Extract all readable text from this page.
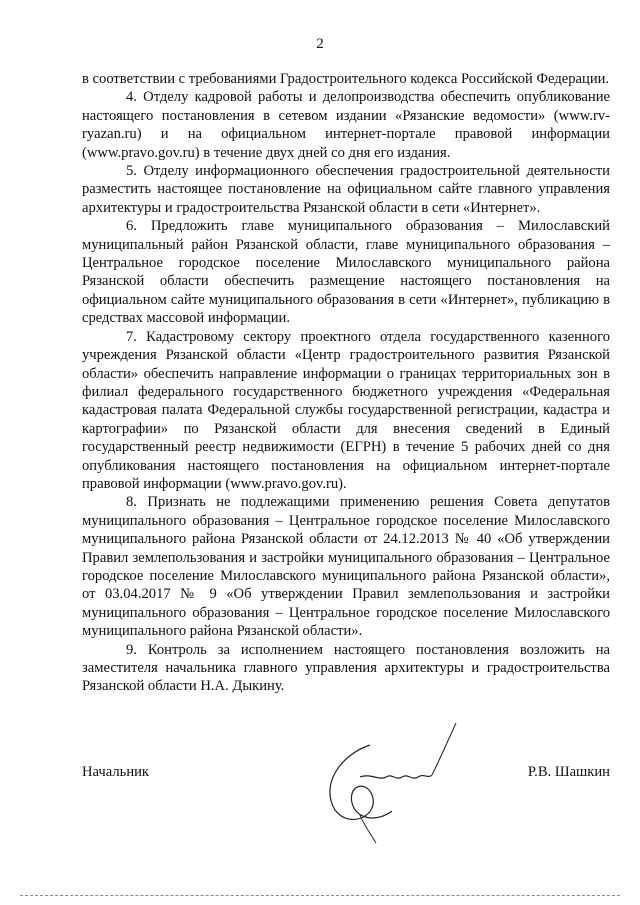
2

в соответствии с требованиями Градостроительного кодекса Российской Федерации.

4. Отделу кадровой работы и делопроизводства обеспечить опубликование настоящего постановления в сетевом издании «Рязанские ведомости» (www.rv-ryazan.ru) и на официальном интернет-портале правовой информации (www.pravo.gov.ru) в течение двух дней со дня его издания.

5. Отделу информационного обеспечения градостроительной деятельности разместить настоящее постановление на официальном сайте главного управления архитектуры и градостроительства Рязанской области в сети «Интернет».

6. Предложить главе муниципального образования – Милославский муниципальный район Рязанской области, главе муниципального образования – Центральное городское поселение Милославского муниципального района Рязанской области обеспечить размещение настоящего постановления на официальном сайте муниципального образования в сети «Интернет», публикацию в средствах массовой информации.

7. Кадастровому сектору проектного отдела государственного казенного учреждения Рязанской области «Центр градостроительного развития Рязанской области» обеспечить направление информации о границах территориальных зон в филиал федерального государственного бюджетного учреждения «Федеральная кадастровая палата Федеральной службы государственной регистрации, кадастра и картографии» по Рязанской области для внесения сведений в Единый государственный реестр недвижимости (ЕГРН) в течение 5 рабочих дней со дня опубликования настоящего постановления на официальном интернет-портале правовой информации (www.pravo.gov.ru).

8. Признать не подлежащими применению решения Совета депутатов муниципального образования – Центральное городское поселение Милославского муниципального района Рязанской области от 24.12.2013 № 40 «Об утверждении Правил землепользования и застройки муниципального образования – Центральное городское поселение Милославского муниципального района Рязанской области», от 03.04.2017 № 9 «Об утверждении Правил землепользования и застройки муниципального образования – Центральное городское поселение Милославского муниципального района Рязанской области».

9. Контроль за исполнением настоящего постановления возложить на заместителя начальника главного управления архитектуры и градостроительства Рязанской области Н.А. Дыкину.

Начальник	Р.В. Шашкин
